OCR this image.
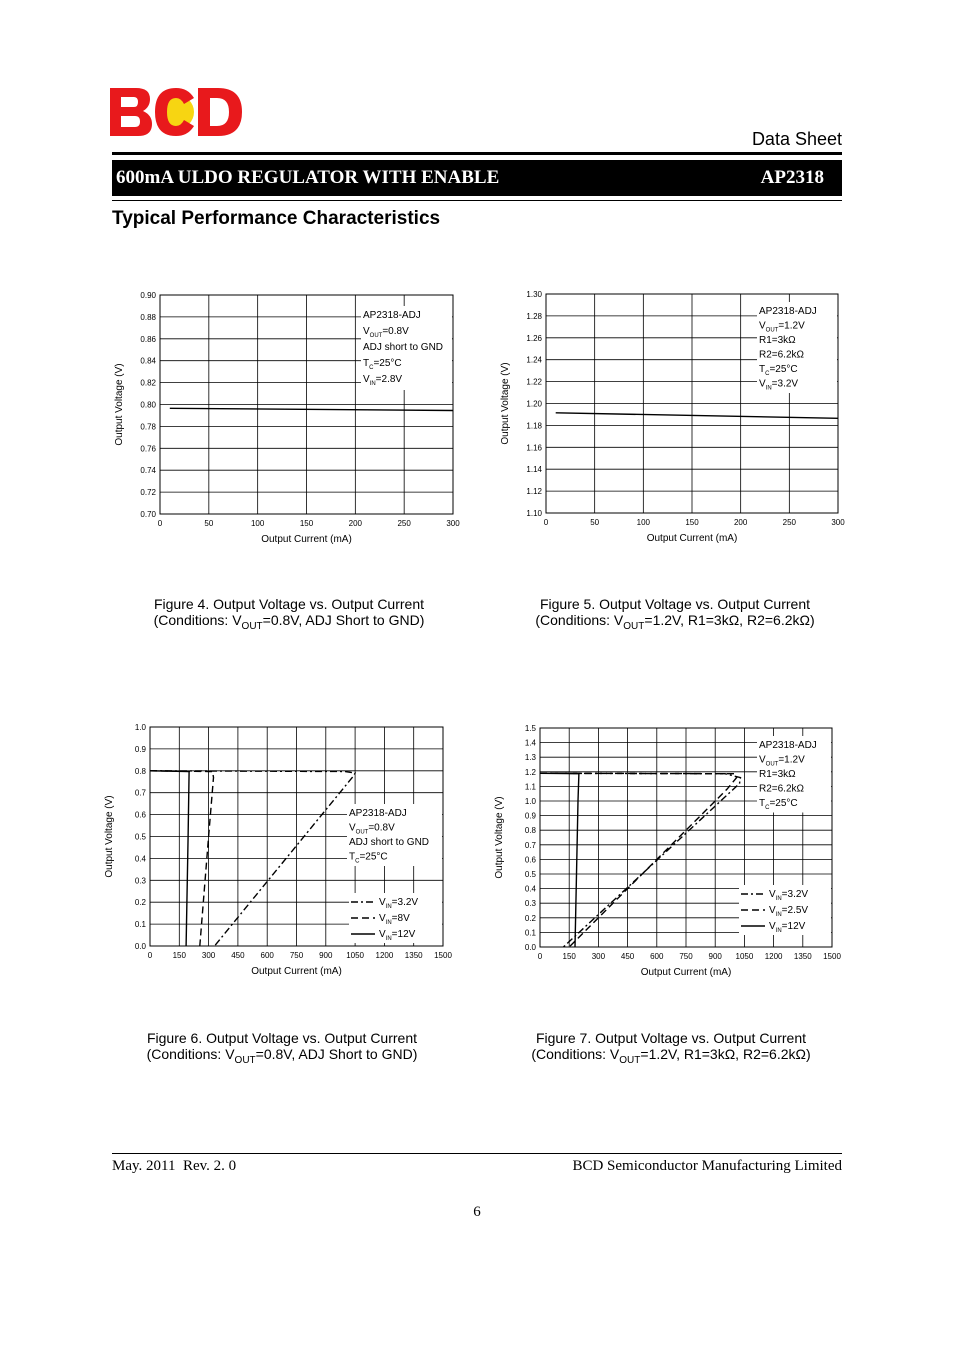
Data Sheet
600mA ULDO REGULATOR WITH ENABLE	AP2318
Typical Performance Characteristics
0	50	100	150	200	250	300
0.70
0.72
0.74
0.76
0.78
0.80
0.82
0.84
0.86
0.88
0.90
Output Current (mA)
Output Voltage (V)
AP2318-ADJ
$V_{OUT}=0.8V$
ADJ short to GND
$T_C=25^\circ C$
$V_{IN}=2.8V$
0	50	100	150	200	250	300
1.10
1.12
1.14
1.16
1.18
1.20
1.22
1.24
1.26
1.28
1.30
Output Current (mA)
Output Voltage (V)
AP2318-ADJ
$V_{OUT}=1.2V$
R1=3kΩ
R2=6.2kΩ
$T_C=25^\circ C$
$V_{IN}=3.2V$
0	150 300 450 600 750 900 1050 1200 1350 1500
0.0
0.1
0.2
0.3
0.4
0.5
0.6
0.7
0.8
0.9
1.0
Output Current (mA)
Output Voltage (V)	AP2318-ADJ
$V_{OUT}=0.8V$
ADJ short to GND
$T_C=25^\circ C$
$V_{IN}=3.2V$
$V_{IN}=8V$
$V_{IN}=12V$
0	150 300 450 600 750 900 1050 1200 1350 1500
0.0
0.1
0.2
0.3
0.4
0.5
0.6
0.7
0.8
0.9
1.0
1.1
1.2
1.3
1.4
1.5
Output Current (mA)
Output Voltage (V)
AP2318-ADJ
$V_{OUT}=1.2V$
R1=3kΩ
R2=6.2kΩ
$T_C=25^\circ C$
$V_{IN}=3.2V$
$V_{IN}=2.5V$
$V_{IN}=12V$
Figure 4. Output Voltage vs. Output Current
(Conditions: $V_{OUT}=0.8V$, ADJ Short to GND)
Figure 5. Output Voltage vs. Output Current
(Conditions: $V_{OUT}=1.2V$, R1=3kΩ, R2=6.2kΩ)
Figure 6. Output Voltage vs. Output Current
(Conditions: $V_{OUT}=0.8V$, ADJ Short to GND)
Figure 7. Output Voltage vs. Output Current
(Conditions: $V_{OUT}=1.2V$, R1=3kΩ, R2=6.2kΩ)
May. 2011  Rev. 2. 0	BCD Semiconductor Manufacturing Limited
6
